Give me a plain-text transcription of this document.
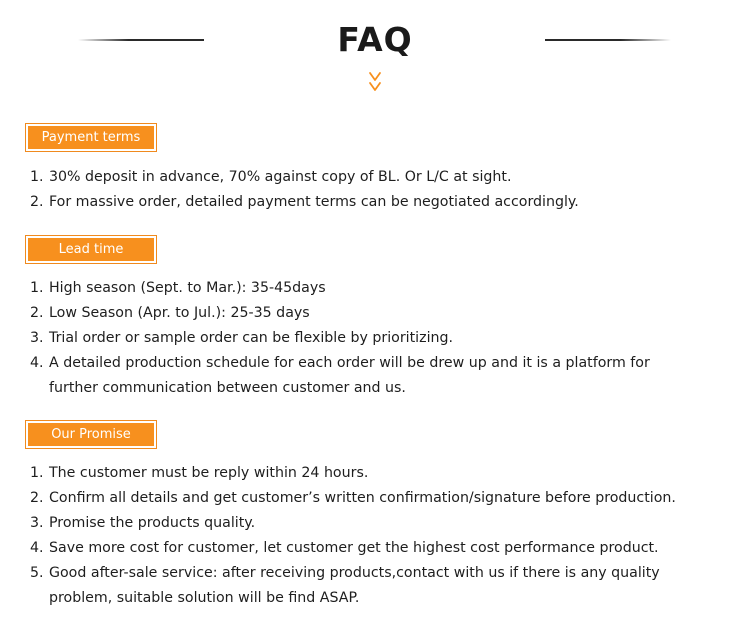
FAQ
Payment terms
1. 30% deposit in advance, 70% against copy of BL. Or L/C at sight.
2. For massive order, detailed payment terms can be negotiated accordingly.
Lead time
1. High season (Sept. to Mar.): 35-45days
2. Low Season (Apr. to Jul.): 25-35 days
3. Trial order or sample order can be flexible by prioritizing.
4. A detailed production schedule for each order will be drew up and it is a platform for
further communication between customer and us.
Our Promise
1. The customer must be reply within 24 hours.
2. Confirm all details and get customer’s written confirmation/signature before production.
3. Promise the products quality.
4. Save more cost for customer, let customer get the highest cost performance product.
5. Good after-sale service: after receiving products,contact with us if there is any quality
problem, suitable solution will be find ASAP.
